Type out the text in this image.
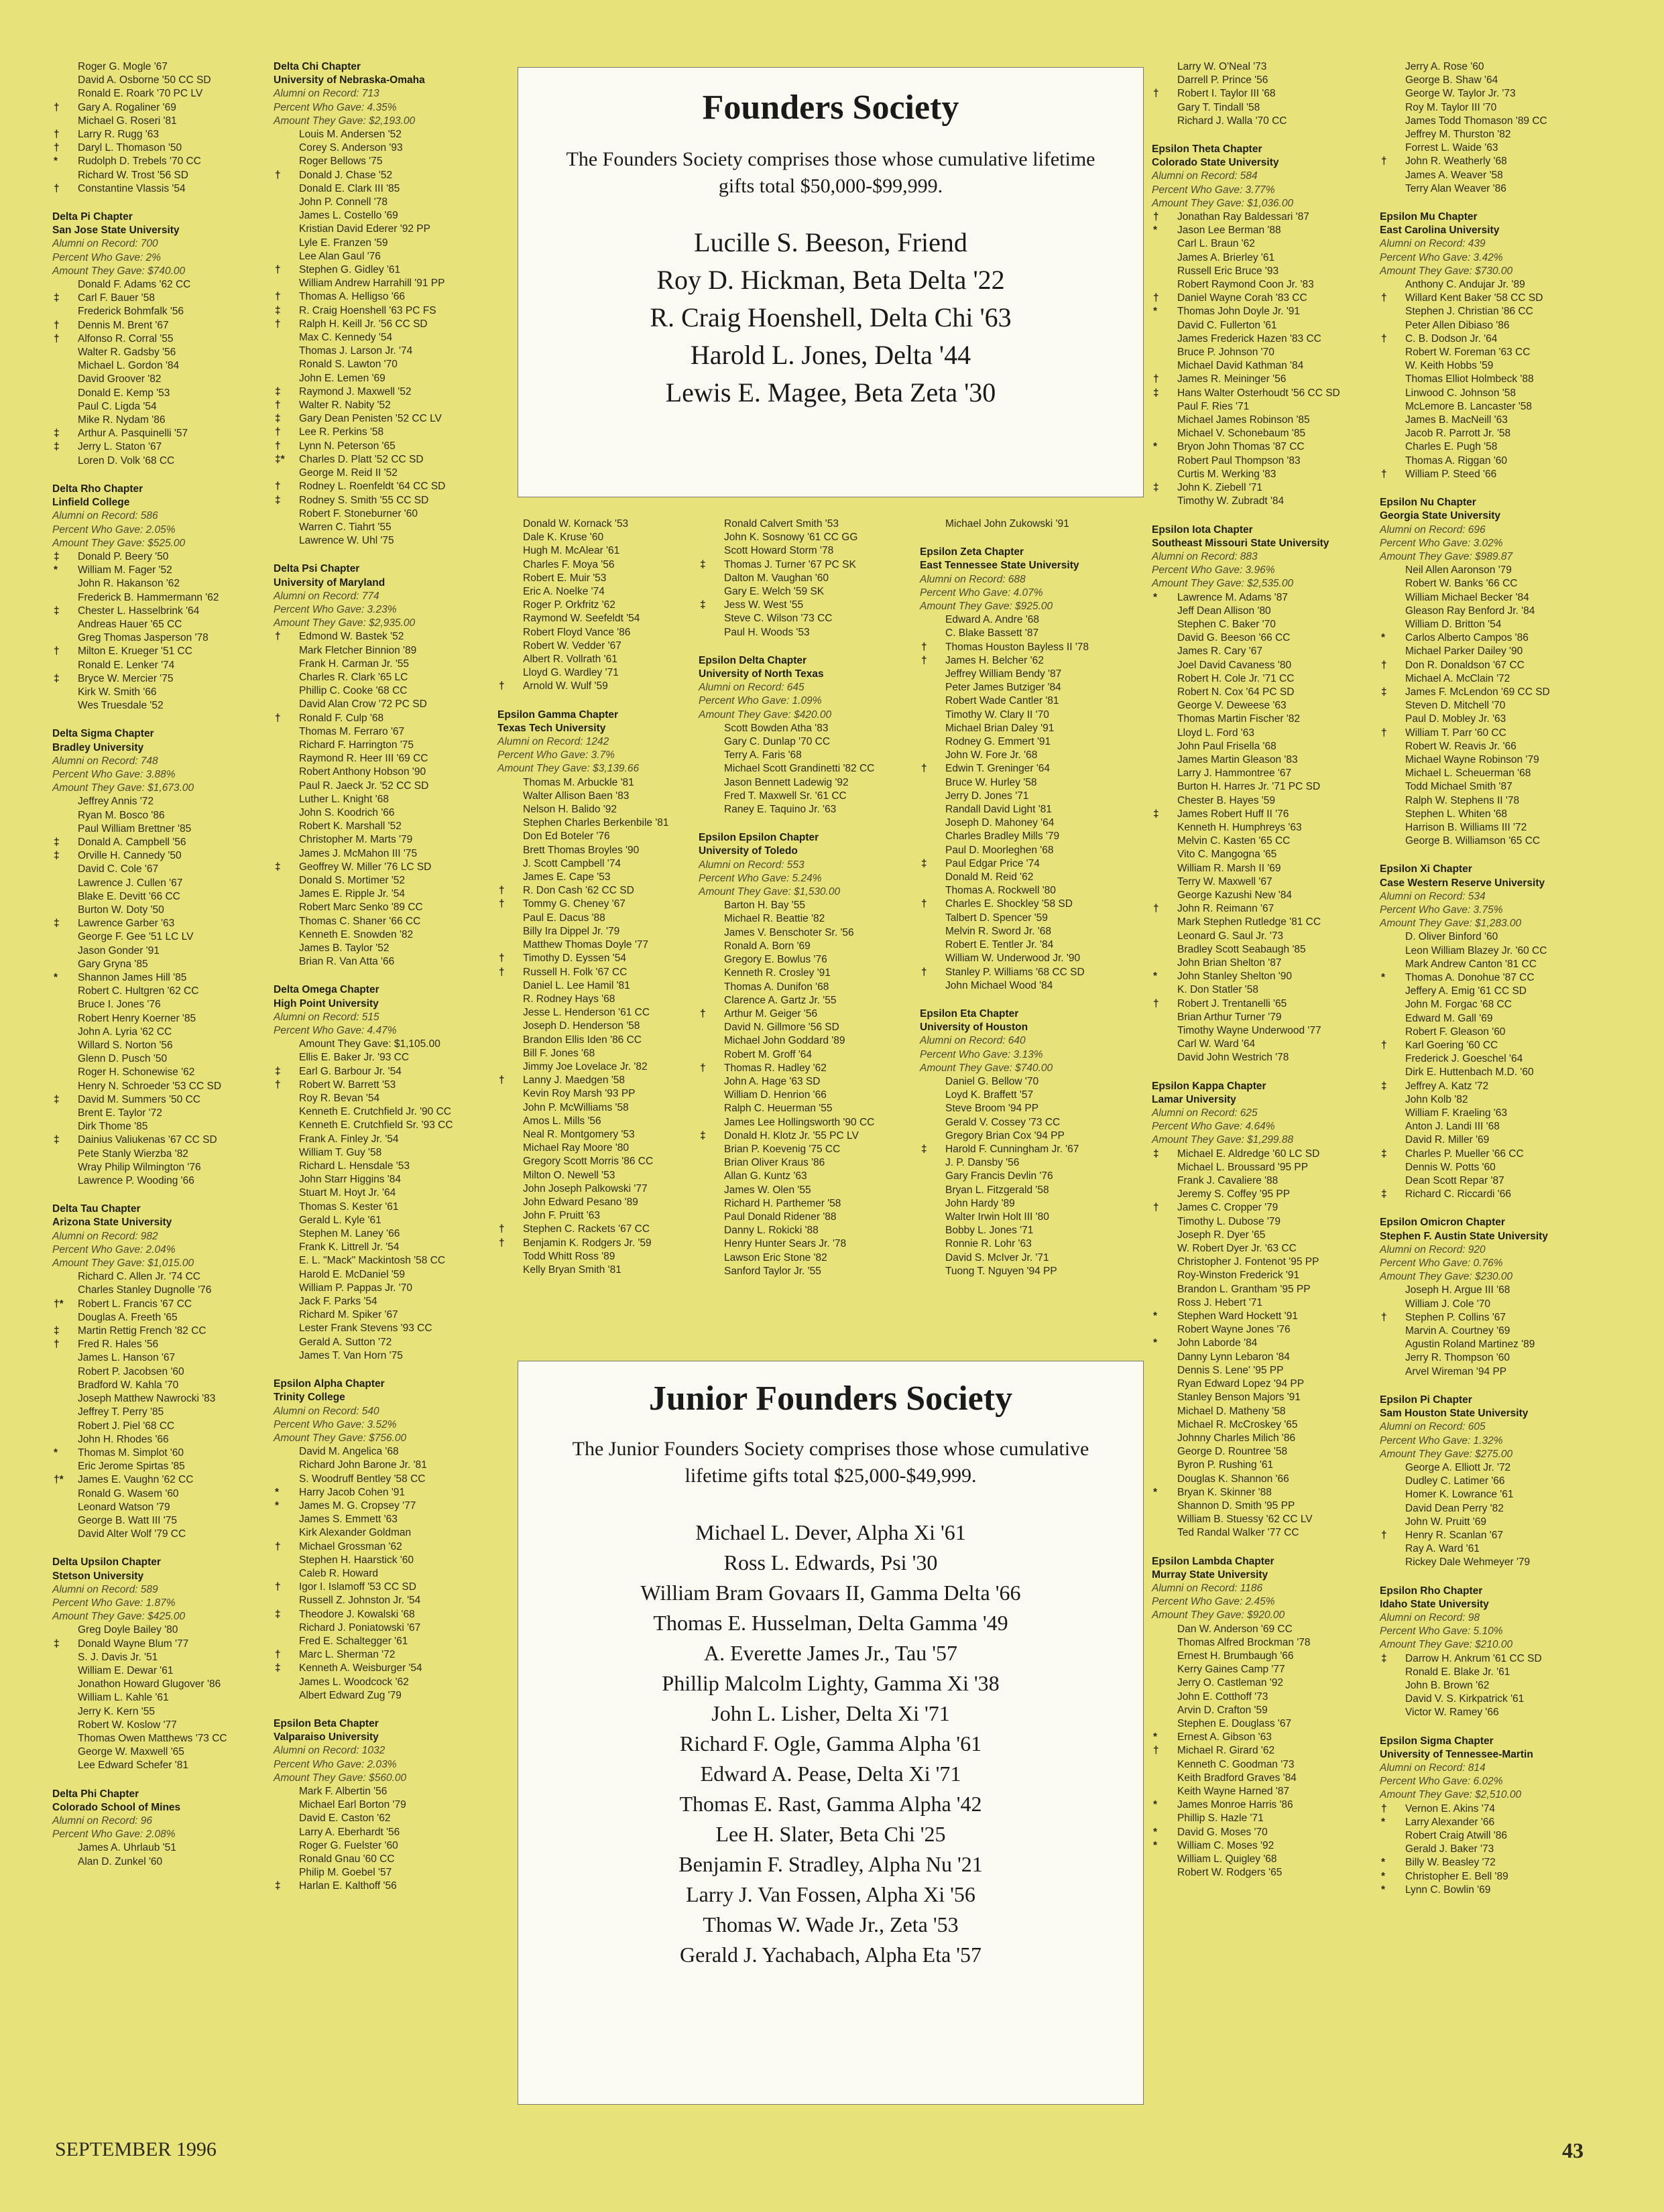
Founders Society
The Founders Society comprises those whose cumulative lifetime gifts total $50,000-$99,999.
Lucille S. Beeson, Friend
Roy D. Hickman, Beta Delta '22
R. Craig Hoenshell, Delta Chi '63
Harold L. Jones, Delta '44
Lewis E. Magee, Beta Zeta '30
Junior Founders Society
The Junior Founders Society comprises those whose cumulative lifetime gifts total $25,000-$49,999.
Michael L. Dever, Alpha Xi '61
Ross L. Edwards, Psi '30
William Bram Govaars II, Gamma Delta '66
Thomas E. Husselman, Delta Gamma '49
A. Everette James Jr., Tau '57
Phillip Malcolm Lighty, Gamma Xi '38
John L. Lisher, Delta Xi '71
Richard F. Ogle, Gamma Alpha '61
Edward A. Pease, Delta Xi '71
Thomas E. Rast, Gamma Alpha '42
Lee H. Slater, Beta Chi '25
Benjamin F. Stradley, Alpha Nu '21
Larry J. Van Fossen, Alpha Xi '56
Thomas W. Wade Jr., Zeta '53
Gerald J. Yachabach, Alpha Eta '57
Roger G. Mogle '67
David A. Osborne '50 CC SD
Ronald E. Roark '70 PC LV
†	Gary A. Rogaliner '69
Michael G. Roseri '81
†	Larry R. Rugg '63
†	Daryl L. Thomason '50
*	Rudolph D. Trebels '70 CC
Richard W. Trost '56 SD
†	Constantine Vlassis '54
Delta Pi Chapter
San Jose State University
Alumni on Record: 700
Percent Who Gave: 2%
Amount They Gave: $740.00
Donald F. Adams '62 CC
‡	Carl F. Bauer '58
Frederick Bohmfalk '56
†	Dennis M. Brent '67
†	Alfonso R. Corral '55
Walter R. Gadsby '56
Michael L. Gordon '84
David Groover '82
Donald E. Kemp '53
Paul C. Ligda '54
Mike R. Nydam '86
‡	Arthur A. Pasquinelli '57
‡	Jerry L. Staton '67
Loren D. Volk '68 CC
Delta Rho Chapter
Linfield College
Alumni on Record: 586
Percent Who Gave: 2.05%
Amount They Gave: $525.00
‡	Donald P. Beery '50
*	William M. Fager '52
John R. Hakanson '62
Frederick B. Hammermann '62
‡	Chester L. Hasselbrink '64
Andreas Hauer '65 CC
Greg Thomas Jasperson '78
†	Milton E. Krueger '51 CC
Ronald E. Lenker '74
‡	Bryce W. Mercier '75
Kirk W. Smith '66
Wes Truesdale '52
Delta Sigma Chapter
Bradley University
Alumni on Record: 748
Percent Who Gave: 3.88%
Amount They Gave: $1,673.00
Jeffrey Annis '72
Ryan M. Bosco '86
Paul William Brettner '85
‡	Donald A. Campbell '56
‡	Orville H. Cannedy '50
David C. Cole '67
Lawrence J. Cullen '67
Blake E. Devitt '66 CC
Burton W. Doty '50
‡	Lawrence Garber '63
George F. Gee '51 LC LV
Jason Gonder '91
Gary Gryna '85
*	Shannon James Hill '85
Robert C. Hultgren '62 CC
Bruce I. Jones '76
Robert Henry Koerner '85
John A. Lyria '62 CC
Willard S. Norton '56
Glenn D. Pusch '50
Roger H. Schonewise '62
Henry N. Schroeder '53 CC SD
‡	David M. Summers '50 CC
Brent E. Taylor '72
Dirk Thome '85
‡	Dainius Valiukenas '67 CC SD
Pete Stanly Wierzba '82
Wray Philip Wilmington '76
Lawrence P. Wooding '66
Delta Tau Chapter
Arizona State University
Alumni on Record: 982
Percent Who Gave: 2.04%
Amount They Gave: $1,015.00
Richard C. Allen Jr. '74 CC
Charles Stanley Dugnolle '76
†*	Robert L. Francis '67 CC
Douglas A. Freeth '65
‡	Martin Rettig French '82 CC
†	Fred R. Hales '56
James L. Hanson '67
Robert P. Jacobsen '60
Bradford W. Kahla '70
Joseph Matthew Nawrocki '83
Jeffrey T. Perry '85
Robert J. Piel '68 CC
John H. Rhodes '66
*	Thomas M. Simplot '60
Eric Jerome Spirtas '85
†*	James E. Vaughn '62 CC
Ronald G. Wasem '60
Leonard Watson '79
George B. Watt III '75
David Alter Wolf '79 CC
Delta Upsilon Chapter
Stetson University
Alumni on Record: 589
Percent Who Gave: 1.87%
Amount They Gave: $425.00
Greg Doyle Bailey '80
‡	Donald Wayne Blum '77
S. J. Davis Jr. '51
William E. Dewar '61
Jonathon Howard Glugover '86
William L. Kahle '61
Jerry K. Kern '55
Robert W. Koslow '77
Thomas Owen Matthews '73 CC
George W. Maxwell '65
Lee Edward Schefer '81
Delta Phi Chapter
Colorado School of Mines
Alumni on Record: 96
Percent Who Gave: 2.08%
James A. Uhrlaub '51
Alan D. Zunkel '60
Delta Chi Chapter
University of Nebraska-Omaha
Alumni on Record: 713
Percent Who Gave: 4.35%
Amount They Gave: $2,193.00
Louis M. Andersen '52
Corey S. Anderson '93
Roger Bellows '75
†	Donald J. Chase '52
Donald E. Clark III '85
John P. Connell '78
James L. Costello '69
Kristian David Ederer '92 PP
Lyle E. Franzen '59
Lee Alan Gaul '76
†	Stephen G. Gidley '61
William Andrew Harrahill '91 PP
†	Thomas A. Helligso '66
‡	R. Craig Hoenshell '63 PC FS
†	Ralph H. Keill Jr. '56 CC SD
Max C. Kennedy '54
Thomas J. Larson Jr. '74
Ronald S. Lawton '70
John E. Lemen '69
‡	Raymond J. Maxwell '52
†	Walter R. Nabity '52
‡	Gary Dean Penisten '52 CC LV
†	Lee R. Perkins '58
†	Lynn N. Peterson '65
‡*	Charles D. Platt '52 CC SD
George M. Reid II '52
†	Rodney L. Roenfeldt '64 CC SD
‡	Rodney S. Smith '55 CC SD
Robert F. Stoneburner '60
Warren C. Tiahrt '55
Lawrence W. Uhl '75
Delta Psi Chapter
University of Maryland
Alumni on Record: 774
Percent Who Gave: 3.23%
Amount They Gave: $2,935.00
†	Edmond W. Bastek '52
Mark Fletcher Binnion '89
Frank H. Carman Jr. '55
Charles R. Clark '65 LC
Phillip C. Cooke '68 CC
David Alan Crow '72 PC SD
†	Ronald F. Culp '68
Thomas M. Ferraro '67
Richard F. Harrington '75
Raymond R. Heer III '69 CC
Robert Anthony Hobson '90
Paul R. Jaeck Jr. '52 CC SD
Luther L. Knight '68
John S. Koodrich '66
Robert K. Marshall '52
Christopher M. Marts '79
James J. McMahon III '75
‡	Geoffrey W. Miller '76 LC SD
Donald S. Mortimer '52
James E. Ripple Jr. '54
Robert Marc Senko '89 CC
Thomas C. Shaner '66 CC
Kenneth E. Snowden '82
James B. Taylor '52
Brian R. Van Atta '66
Delta Omega Chapter
High Point University
Alumni on Record: 515
Percent Who Gave: 4.47%
Amount They Gave: $1,105.00
Ellis E. Baker Jr. '93 CC
‡	Earl G. Barbour Jr. '54
†	Robert W. Barrett '53
Roy R. Bevan '54
Kenneth E. Crutchfield Jr. '90 CC
Kenneth E. Crutchfield Sr. '93 CC
Frank A. Finley Jr. '54
William T. Guy '58
Richard L. Hensdale '53
John Starr Higgins '84
Stuart M. Hoyt Jr. '64
Thomas S. Kester '61
Gerald L. Kyle '61
Stephen M. Laney '66
Frank K. Littrell Jr. '54
E. L. "Mack" Mackintosh '58 CC
Harold E. McDaniel '59
William P. Pappas Jr. '70
Jack F. Parks '54
Richard M. Spiker '67
Lester Frank Stevens '93 CC
Gerald A. Sutton '72
James T. Van Horn '75
Epsilon Alpha Chapter
Trinity College
Alumni on Record: 540
Percent Who Gave: 3.52%
Amount They Gave: $756.00
David M. Angelica '68
Richard John Barone Jr. '81
S. Woodruff Bentley '58 CC
*	Harry Jacob Cohen '91
*	James M. G. Cropsey '77
James S. Emmett '63
Kirk Alexander Goldman
†	Michael Grossman '62
Stephen H. Haarstick '60
Caleb R. Howard
†	Igor I. Islamoff '53 CC SD
Russell Z. Johnston Jr. '54
‡	Theodore J. Kowalski '68
Richard J. Poniatowski '67
Fred E. Schaltegger '61
†	Marc L. Sherman '72
‡	Kenneth A. Weisburger '54
James L. Woodcock '62
Albert Edward Zug '79
Epsilon Beta Chapter
Valparaiso University
Alumni on Record: 1032
Percent Who Gave: 2.03%
Amount They Gave: $560.00
Mark F. Albertin '56
Michael Earl Borton '79
David E. Caston '62
Larry A. Eberhardt '56
Roger G. Fuelster '60
Ronald Gnau '60 CC
Philip M. Goebel '57
‡	Harlan E. Kalthoff '56
Donald W. Kornack '53
Dale K. Kruse '60
Hugh M. McAlear '61
Charles F. Moya '56
Robert E. Muir '53
Eric A. Noelke '74
Roger P. Orkfritz '62
Raymond W. Seefeldt '54
Robert Floyd Vance '86
Robert W. Vedder '67
Albert R. Vollrath '61
Lloyd G. Wardley '71
†	Arnold W. Wulf '59
Epsilon Gamma Chapter
Texas Tech University
Alumni on Record: 1242
Percent Who Gave: 3.7%
Amount They Gave: $3,139.66
Thomas M. Arbuckle '81
Walter Allison Baen '83
Nelson H. Balido '92
Stephen Charles Berkenbile '81
Don Ed Boteler '76
Brett Thomas Broyles '90
J. Scott Campbell '74
James E. Cape '53
†	R. Don Cash '62 CC SD
†	Tommy G. Cheney '67
Paul E. Dacus '88
Billy Ira Dippel Jr. '79
Matthew Thomas Doyle '77
†	Timothy D. Eyssen '54
†	Russell H. Folk '67 CC
Daniel L. Lee Hamil '81
R. Rodney Hays '68
Jesse L. Henderson '61 CC
Joseph D. Henderson '58
Brandon Ellis Iden '86 CC
Bill F. Jones '68
Jimmy Joe Lovelace Jr. '82
†	Lanny J. Maedgen '58
Kevin Roy Marsh '93 PP
John P. McWilliams '58
Amos L. Mills '56
Neal R. Montgomery '53
Michael Ray Moore '80
Gregory Scott Morris '86 CC
Milton O. Newell '53
John Joseph Palkowski '77
John Edward Pesano '89
John F. Pruitt '63
†	Stephen C. Rackets '67 CC
†	Benjamin K. Rodgers Jr. '59
Todd Whitt Ross '89
Kelly Bryan Smith '81
Ronald Calvert Smith '53
John K. Sosnowy '61 CC GG
Scott Howard Storm '78
‡	Thomas J. Turner '67 PC SK
Dalton M. Vaughan '60
Gary E. Welch '59 SK
‡	Jess W. West '55
Steve C. Wilson '73 CC
Paul H. Woods '53
Epsilon Delta Chapter
University of North Texas
Alumni on Record: 645
Percent Who Gave: 1.09%
Amount They Gave: $420.00
Scott Bowden Atha '83
Gary C. Dunlap '70 CC
Terry A. Faris '68
Michael Scott Grandinetti '82 CC
Jason Bennett Ladewig '92
Fred T. Maxwell Sr. '61 CC
Raney E. Taquino Jr. '63
Epsilon Epsilon Chapter
University of Toledo
Alumni on Record: 553
Percent Who Gave: 5.24%
Amount They Gave: $1,530.00
Barton H. Bay '55
Michael R. Beattie '82
James V. Benschoter Sr. '56
Ronald A. Born '69
Gregory E. Bowlus '76
Kenneth R. Crosley '91
Thomas A. Dunifon '68
Clarence A. Gartz Jr. '55
†	Arthur M. Geiger '56
David N. Gillmore '56 SD
Michael John Goddard '89
Robert M. Groff '64
†	Thomas R. Hadley '62
John A. Hage '63 SD
William D. Henrion '66
Ralph C. Heuerman '55
James Lee Hollingsworth '90 CC
‡	Donald H. Klotz Jr. '55 PC LV
Brian P. Koevenig '75 CC
Brian Oliver Kraus '86
Allan G. Kuntz '63
James W. Olen '55
Richard H. Parthemer '58
Paul Donald Ridener '88
Danny L. Rokicki '88
Henry Hunter Sears Jr. '78
Lawson Eric Stone '82
Sanford Taylor Jr. '55
Michael John Zukowski '91
Epsilon Zeta Chapter
East Tennessee State University
Alumni on Record: 688
Percent Who Gave: 4.07%
Amount They Gave: $925.00
Edward A. Andre '68
C. Blake Bassett '87
†	Thomas Houston Bayless II '78
†	James H. Belcher '62
Jeffrey William Bendy '87
Peter James Butziger '84
Robert Wade Cantler '81
Timothy W. Clary II '70
Michael Brian Daley '91
Rodney G. Emmert '91
John W. Fore Jr. '68
†	Edwin T. Greninger '64
Bruce W. Hurley '58
Jerry D. Jones '71
Randall David Light '81
Joseph D. Mahoney '64
Charles Bradley Mills '79
Paul D. Moorleghen '68
‡	Paul Edgar Price '74
Donald M. Reid '62
Thomas A. Rockwell '80
†	Charles E. Shockley '58 SD
Talbert D. Spencer '59
Melvin R. Sword Jr. '68
Robert E. Tentler Jr. '84
William W. Underwood Jr. '90
†	Stanley P. Williams '68 CC SD
John Michael Wood '84
Epsilon Eta Chapter
University of Houston
Alumni on Record: 640
Percent Who Gave: 3.13%
Amount They Gave: $740.00
Daniel G. Bellow '70
Loyd K. Braffett '57
Steve Broom '94 PP
Gerald V. Cossey '73 CC
Gregory Brian Cox '94 PP
‡	Harold F. Cunningham Jr. '67
J. P. Dansby '56
Gary Francis Devlin '76
Bryan L. Fitzgerald '58
John Hardy '89
Walter Irwin Holt III '80
Bobby L. Jones '71
Ronnie R. Lohr '63
David S. McIver Jr. '71
Tuong T. Nguyen '94 PP
Larry W. O'Neal '73
Darrell P. Prince '56
†	Robert I. Taylor III '68
Gary T. Tindall '58
Richard J. Walla '70 CC
Epsilon Theta Chapter
Colorado State University
Alumni on Record: 584
Percent Who Gave: 3.77%
Amount They Gave: $1,036.00
†	Jonathan Ray Baldessari '87
*	Jason Lee Berman '88
Carl L. Braun '62
James A. Brierley '61
Russell Eric Bruce '93
Robert Raymond Coon Jr. '83
†	Daniel Wayne Corah '83 CC
*	Thomas John Doyle Jr. '91
David C. Fullerton '61
James Frederick Hazen '83 CC
Bruce P. Johnson '70
Michael David Kathman '84
†	James R. Meininger '56
‡	Hans Walter Osterhoudt '56 CC SD
Paul F. Ries '71
Michael James Robinson '85
Michael V. Schonebaum '85
*	Bryon John Thomas '87 CC
Robert Paul Thompson '83
Curtis M. Werking '83
‡	John K. Ziebell '71
Timothy W. Zubradt '84
Epsilon Iota Chapter
Southeast Missouri State University
Alumni on Record: 883
Percent Who Gave: 3.96%
Amount They Gave: $2,535.00
*	Lawrence M. Adams '87
Jeff Dean Allison '80
Stephen C. Baker '70
David G. Beeson '66 CC
James R. Cary '67
Joel David Cavaness '80
Robert H. Cole Jr. '71 CC
Robert N. Cox '64 PC SD
George V. Deweese '63
Thomas Martin Fischer '82
Lloyd L. Ford '63
John Paul Frisella '68
James Martin Gleason '83
Larry J. Hammontree '67
Burton H. Harres Jr. '71 PC SD
Chester B. Hayes '59
‡	James Robert Huff II '76
Kenneth H. Humphreys '63
Melvin C. Kasten '65 CC
Vito C. Mangogna '65
William R. Marsh II '69
Terry W. Maxwell '67
George Kazushi New '84
†	John R. Reimann '67
Mark Stephen Rutledge '81 CC
Leonard G. Saul Jr. '73
Bradley Scott Seabaugh '85
John Brian Shelton '87
*	John Stanley Shelton '90
K. Don Statler '58
†	Robert J. Trentanelli '65
Brian Arthur Turner '79
Timothy Wayne Underwood '77
Carl W. Ward '64
David John Westrich '78
Epsilon Kappa Chapter
Lamar University
Alumni on Record: 625
Percent Who Gave: 4.64%
Amount They Gave: $1,299.88
‡	Michael E. Aldredge '60 LC SD
Michael L. Broussard '95 PP
Frank J. Cavaliere '88
Jeremy S. Coffey '95 PP
†	James C. Cropper '79
Timothy L. Dubose '79
Joseph R. Dyer '65
W. Robert Dyer Jr. '63 CC
Christopher J. Fontenot '95 PP
Roy-Winston Frederick '91
Brandon L. Grantham '95 PP
Ross J. Hebert '71
*	Stephen Ward Hockett '91
Robert Wayne Jones '76
*	John Laborde '84
Danny Lynn Lebaron '84
Dennis S. Lene' '95 PP
Ryan Edward Lopez '94 PP
Stanley Benson Majors '91
Michael D. Matheny '58
Michael R. McCroskey '65
Johnny Charles Milich '86
George D. Rountree '58
Byron P. Rushing '61
Douglas K. Shannon '66
*	Bryan K. Skinner '88
Shannon D. Smith '95 PP
William B. Stuessy '62 CC LV
Ted Randal Walker '77 CC
Epsilon Lambda Chapter
Murray State University
Alumni on Record: 1186
Percent Who Gave: 2.45%
Amount They Gave: $920.00
Dan W. Anderson '69 CC
Thomas Alfred Brockman '78
Ernest H. Brumbaugh '66
Kerry Gaines Camp '77
Jerry O. Castleman '92
John E. Cotthoff '73
Arvin D. Crafton '59
Stephen E. Douglass '67
*	Ernest A. Gibson '63
†	Michael R. Girard '62
Kenneth C. Goodman '73
Keith Bradford Graves '84
Keith Wayne Harned '87
*	James Monroe Harris '86
Phillip S. Hazle '71
*	David G. Moses '70
*	William C. Moses '92
William L. Quigley '68
Robert W. Rodgers '65
Jerry A. Rose '60
George B. Shaw '64
George W. Taylor Jr. '73
Roy M. Taylor III '70
James Todd Thomason '89 CC
Jeffrey M. Thurston '82
Forrest L. Waide '63
†	John R. Weatherly '68
James A. Weaver '58
Terry Alan Weaver '86
Epsilon Mu Chapter
East Carolina University
Alumni on Record: 439
Percent Who Gave: 3.42%
Amount They Gave: $730.00
Anthony C. Andujar Jr. '89
†	Willard Kent Baker '58 CC SD
Stephen J. Christian '86 CC
Peter Allen Dibiaso '86
†	C. B. Dodson Jr. '64
Robert W. Foreman '63 CC
W. Keith Hobbs '59
Thomas Elliot Holmbeck '88
Linwood C. Johnson '58
McLemore B. Lancaster '58
James B. MacNeill '63
Jacob R. Parrott Jr. '58
Charles E. Pugh '58
Thomas A. Riggan '60
†	William P. Steed '66
Epsilon Nu Chapter
Georgia State University
Alumni on Record: 696
Percent Who Gave: 3.02%
Amount They Gave: $989.87
Neil Allen Aaronson '79
Robert W. Banks '66 CC
William Michael Becker '84
Gleason Ray Benford Jr. '84
William D. Britton '54
*	Carlos Alberto Campos '86
Michael Parker Dailey '90
†	Don R. Donaldson '67 CC
Michael A. McClain '72
‡	James F. McLendon '69 CC SD
Steven D. Mitchell '70
Paul D. Mobley Jr. '63
†	William T. Parr '60 CC
Robert W. Reavis Jr. '66
Michael Wayne Robinson '79
Michael L. Scheuerman '68
Todd Michael Smith '87
Ralph W. Stephens II '78
Stephen L. Whiten '68
Harrison B. Williams III '72
George B. Williamson '65 CC
Epsilon Xi Chapter
Case Western Reserve University
Alumni on Record: 534
Percent Who Gave: 3.75%
Amount They Gave: $1,283.00
D. Oliver Binford '60
Leon William Blazey Jr. '60 CC
Mark Andrew Canton '81 CC
*	Thomas A. Donohue '87 CC
Jeffery A. Emig '61 CC SD
John M. Forgac '68 CC
Edward M. Gall '69
Robert F. Gleason '60
†	Karl Goering '60 CC
Frederick J. Goeschel '64
Dirk E. Huttenbach M.D. '60
‡	Jeffrey A. Katz '72
John Kolb '82
William F. Kraeling '63
Anton J. Landi III '68
David R. Miller '69
‡	Charles P. Mueller '66 CC
Dennis W. Potts '60
Dean Scott Repar '87
‡	Richard C. Riccardi '66
Epsilon Omicron Chapter
Stephen F. Austin State University
Alumni on Record: 920
Percent Who Gave: 0.76%
Amount They Gave: $230.00
Joseph H. Argue III '68
William J. Cole '70
†	Stephen P. Collins '67
Marvin A. Courtney '69
Agustin Roland Martinez '89
Jerry R. Thompson '60
Arvel Wireman '94 PP
Epsilon Pi Chapter
Sam Houston State University
Alumni on Record: 605
Percent Who Gave: 1.32%
Amount They Gave: $275.00
George A. Elliott Jr. '72
Dudley C. Latimer '66
Homer K. Lowrance '61
David Dean Perry '82
John W. Pruitt '69
†	Henry R. Scanlan '67
Ray A. Ward '61
Rickey Dale Wehmeyer '79
Epsilon Rho Chapter
Idaho State University
Alumni on Record: 98
Percent Who Gave: 5.10%
Amount They Gave: $210.00
‡	Darrow H. Ankrum '61 CC SD
Ronald E. Blake Jr. '61
John B. Brown '62
David V. S. Kirkpatrick '61
Victor W. Ramey '66
Epsilon Sigma Chapter
University of Tennessee-Martin
Alumni on Record: 814
Percent Who Gave: 6.02%
Amount They Gave: $2,510.00
†	Vernon E. Akins '74
*	Larry Alexander '66
Robert Craig Atwill '86
Gerald J. Baker '73
*	Billy W. Beasley '72
*	Christopher E. Bell '89
*	Lynn C. Bowlin '69
SEPTEMBER 1996	43
